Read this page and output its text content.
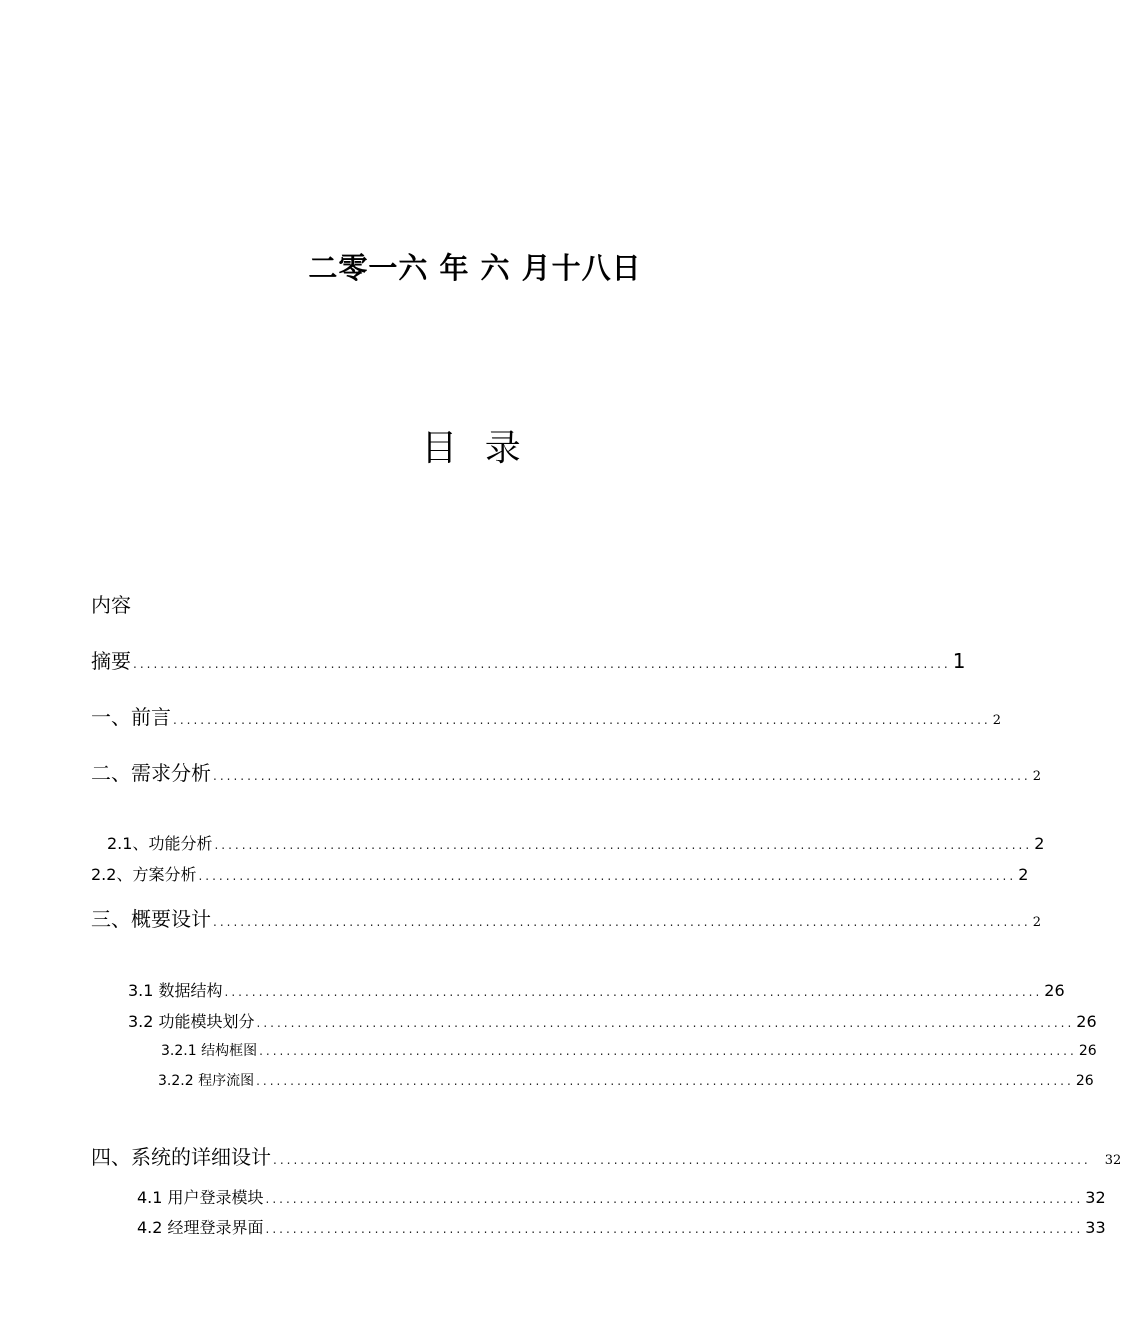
二零一六 年 六 月十八日
目 录
内容
摘要 ........................................................................................................................ 1
一、前言 ........................................................................................................................ 2
二、需求分析 ........................................................................................................................ 2
2.1、功能分析 ........................................................................................................................ 2
2.2、方案分析 ........................................................................................................................ 2
三、概要设计 ........................................................................................................................ 2
3.1 数据结构 ........................................................................................................................ 26
3.2 功能模块划分 ........................................................................................................................ 26
3.2.1 结构框图 ........................................................................................................................ 26
3.2.2 程序流图 ........................................................................................................................ 26
四、系统的详细设计 ........................................................................................................................ 32
4.1 用户登录模块 ........................................................................................................................ 32
4.2 经理登录界面 ........................................................................................................................ 33
